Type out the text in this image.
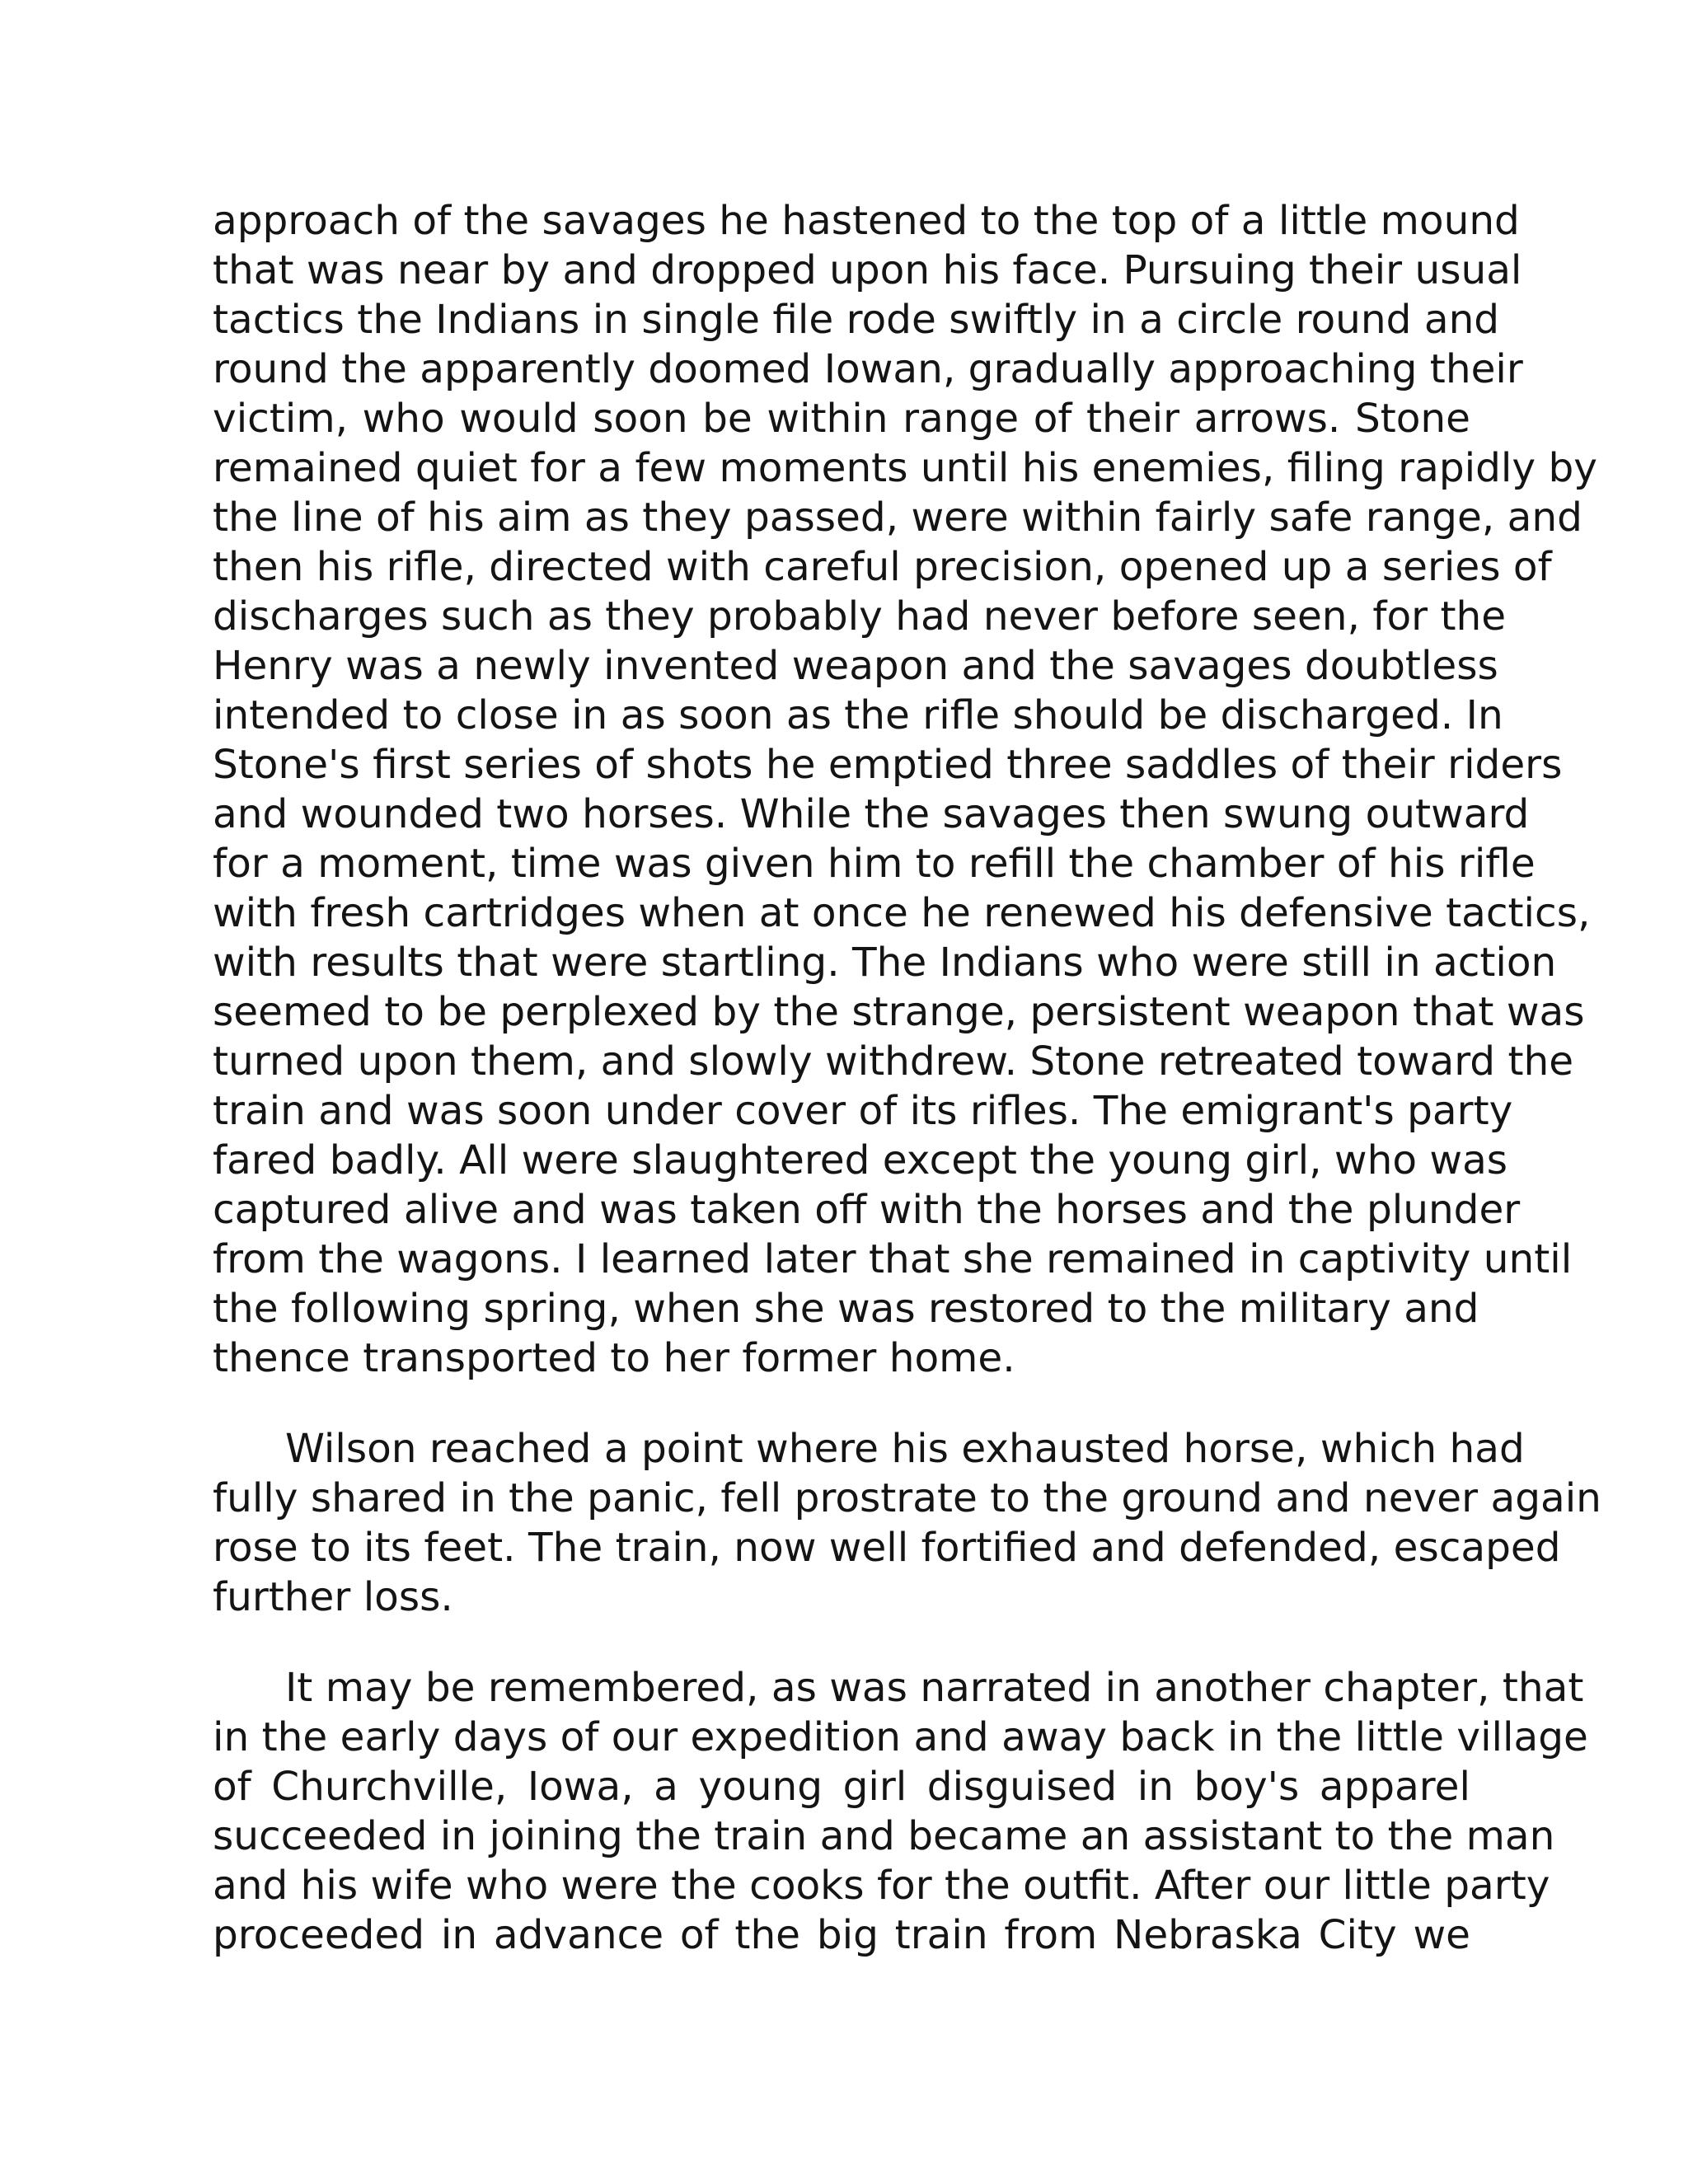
approach of the savages he hastened to the top of a little mound
that was near by and dropped upon his face. Pursuing their usual
tactics the Indians in single file rode swiftly in a circle round and
round the apparently doomed Iowan, gradually approaching their
victim, who would soon be within range of their arrows. Stone
remained quiet for a few moments until his enemies, filing rapidly by
the line of his aim as they passed, were within fairly safe range, and
then his rifle, directed with careful precision, opened up a series of
discharges such as they probably had never before seen, for the
Henry was a newly invented weapon and the savages doubtless
intended to close in as soon as the rifle should be discharged. In
Stone's first series of shots he emptied three saddles of their riders
and wounded two horses. While the savages then swung outward
for a moment, time was given him to refill the chamber of his rifle
with fresh cartridges when at once he renewed his defensive tactics,
with results that were startling. The Indians who were still in action
seemed to be perplexed by the strange, persistent weapon that was
turned upon them, and slowly withdrew. Stone retreated toward the
train and was soon under cover of its rifles. The emigrant's party
fared badly. All were slaughtered except the young girl, who was
captured alive and was taken off with the horses and the plunder
from the wagons. I learned later that she remained in captivity until
the following spring, when she was restored to the military and
thence transported to her former home.

Wilson reached a point where his exhausted horse, which had
fully shared in the panic, fell prostrate to the ground and never again
rose to its feet. The train, now well fortified and defended, escaped
further loss.

It may be remembered, as was narrated in another chapter, that
in the early days of our expedition and away back in the little village
of Churchville, Iowa, a young girl disguised in boy's apparel
succeeded in joining the train and became an assistant to the man
and his wife who were the cooks for the outfit. After our little party
proceeded in advance of the big train from Nebraska City we
